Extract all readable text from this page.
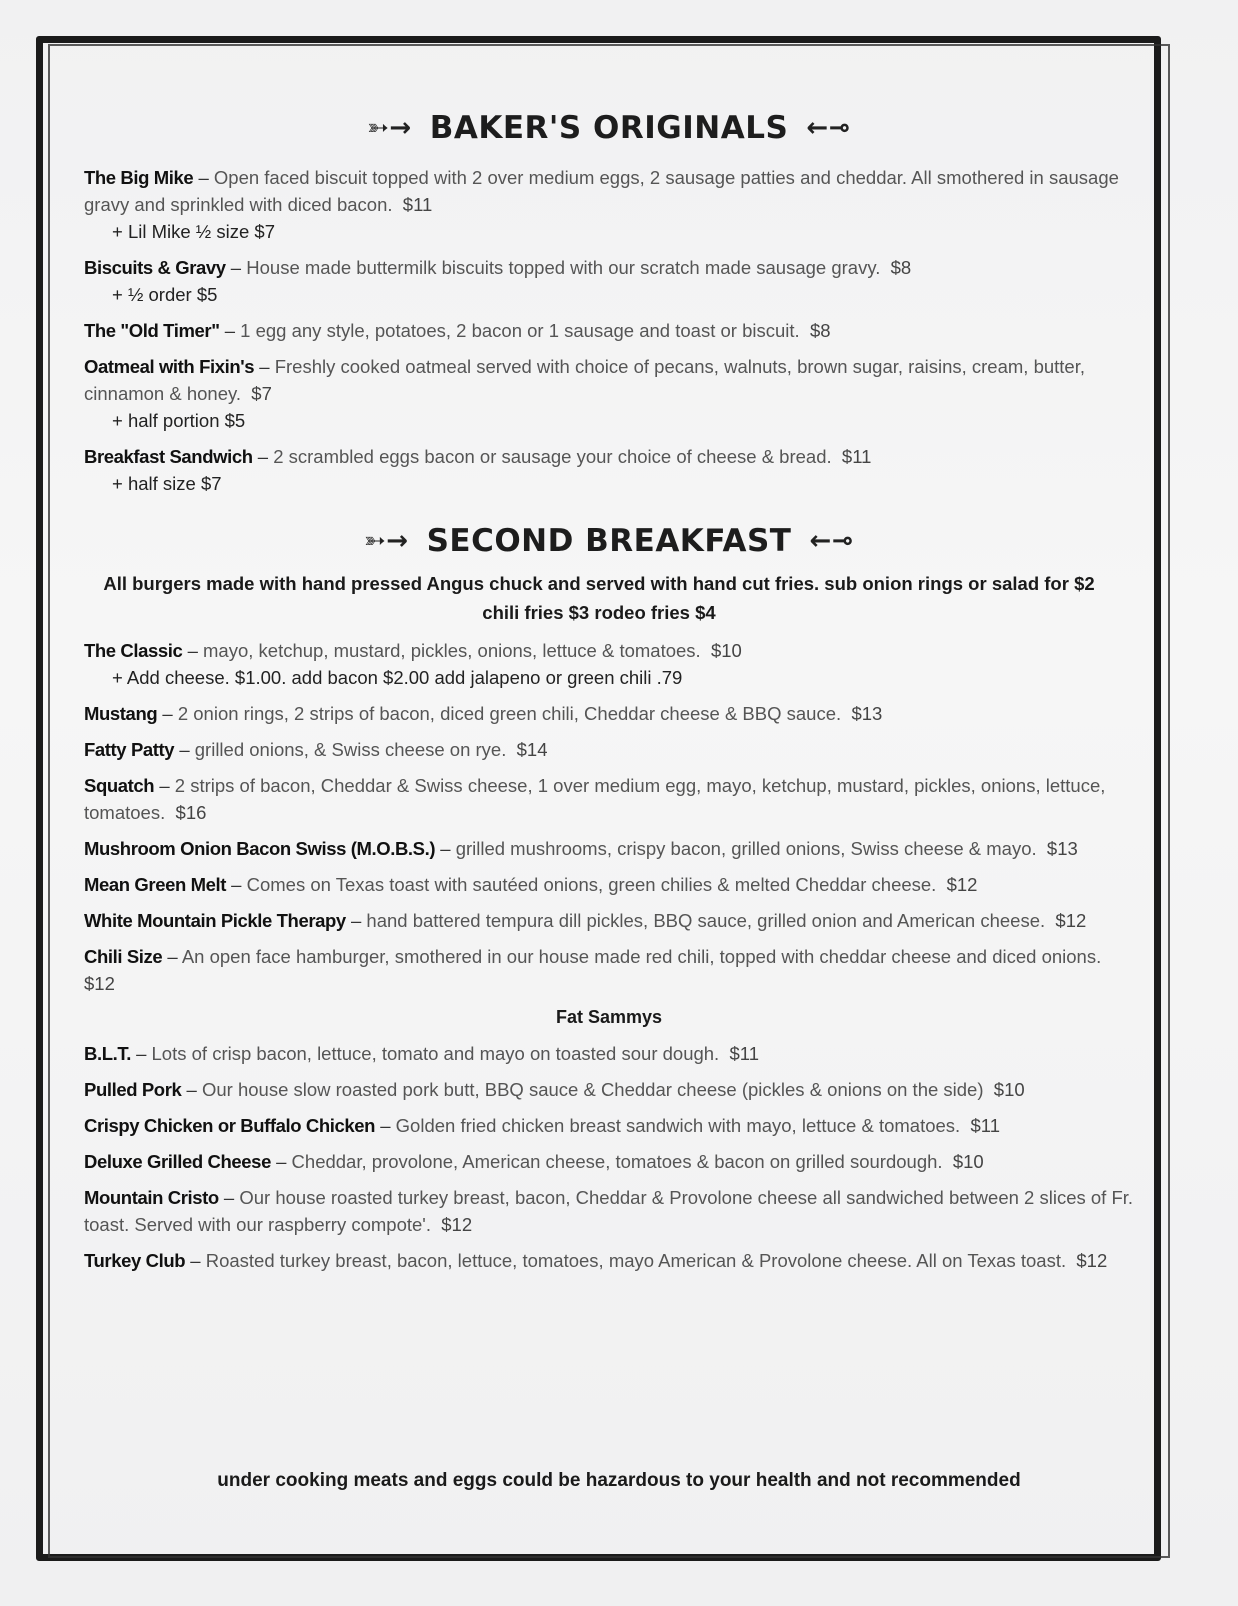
➳→ BAKER'S ORIGINALS ←⊸
The Big Mike – Open faced biscuit topped with 2 over medium eggs, 2 sausage patties and cheddar. All smothered in sausage gravy and sprinkled with diced bacon. $11
+ Lil Mike ½ size $7
Biscuits & Gravy – House made buttermilk biscuits topped with our scratch made sausage gravy. $8
+ ½ order $5
The "Old Timer" – 1 egg any style, potatoes, 2 bacon or 1 sausage and toast or biscuit. $8
Oatmeal with Fixin's – Freshly cooked oatmeal served with choice of pecans, walnuts, brown sugar, raisins, cream, butter, cinnamon & honey. $7
+ half portion $5
Breakfast Sandwich – 2 scrambled eggs bacon or sausage your choice of cheese & bread. $11
+ half size $7
➳→ SECOND BREAKFAST ←⊸
All burgers made with hand pressed Angus chuck and served with hand cut fries. sub onion rings or salad for $2 chili fries $3 rodeo fries $4
The Classic – mayo, ketchup, mustard, pickles, onions, lettuce & tomatoes. $10
+ Add cheese. $1.00. add bacon $2.00 add jalapeno or green chili .79
Mustang – 2 onion rings, 2 strips of bacon, diced green chili, Cheddar cheese & BBQ sauce. $13
Fatty Patty – grilled onions, & Swiss cheese on rye. $14
Squatch – 2 strips of bacon, Cheddar & Swiss cheese, 1 over medium egg, mayo, ketchup, mustard, pickles, onions, lettuce, tomatoes. $16
Mushroom Onion Bacon Swiss (M.O.B.S.) – grilled mushrooms, crispy bacon, grilled onions, Swiss cheese & mayo. $13
Mean Green Melt – Comes on Texas toast with sautéed onions, green chilies & melted Cheddar cheese. $12
White Mountain Pickle Therapy – hand battered tempura dill pickles, BBQ sauce, grilled onion and American cheese. $12
Chili Size – An open face hamburger, smothered in our house made red chili, topped with cheddar cheese and diced onions.  $12
Fat Sammys
B.L.T. – Lots of crisp bacon, lettuce, tomato and mayo on toasted sour dough. $11
Pulled Pork – Our house slow roasted pork butt, BBQ sauce & Cheddar cheese (pickles & onions on the side) $10
Crispy Chicken or Buffalo Chicken – Golden fried chicken breast sandwich with mayo, lettuce & tomatoes. $11
Deluxe Grilled Cheese – Cheddar, provolone, American cheese, tomatoes & bacon on grilled sourdough. $10
Mountain Cristo – Our house roasted turkey breast, bacon, Cheddar & Provolone cheese all sandwiched between 2 slices of Fr. toast. Served with our raspberry compote'. $12
Turkey Club – Roasted turkey breast, bacon, lettuce, tomatoes, mayo American & Provolone cheese. All on Texas toast. $12
under cooking meats and eggs could be hazardous to your health and not recommended
